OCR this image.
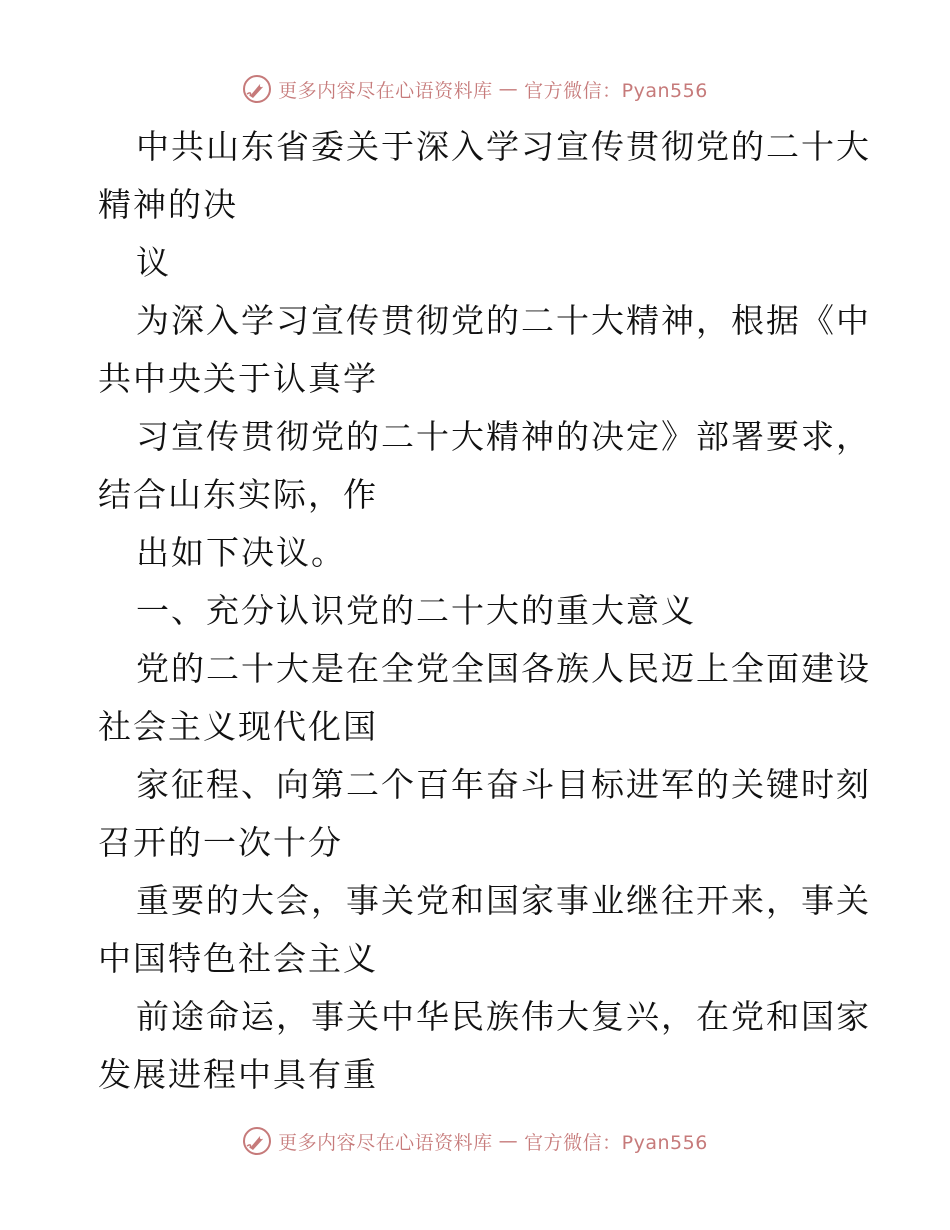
更多内容尽在心语资料库 — 官方微信：Pyan556
中共山东省委关于深入学习宣传贯彻党的二十大
精神的决
议
为深入学习宣传贯彻党的二十大精神，根据《中
共中央关于认真学
习宣传贯彻党的二十大精神的决定》部署要求，
结合山东实际，作
出如下决议。
一、充分认识党的二十大的重大意义
党的二十大是在全党全国各族人民迈上全面建设
社会主义现代化国
家征程、向第二个百年奋斗目标进军的关键时刻
召开的一次十分
重要的大会，事关党和国家事业继往开来，事关
中国特色社会主义
前途命运，事关中华民族伟大复兴，在党和国家
发展进程中具有重
更多内容尽在心语资料库 — 官方微信：Pyan556
